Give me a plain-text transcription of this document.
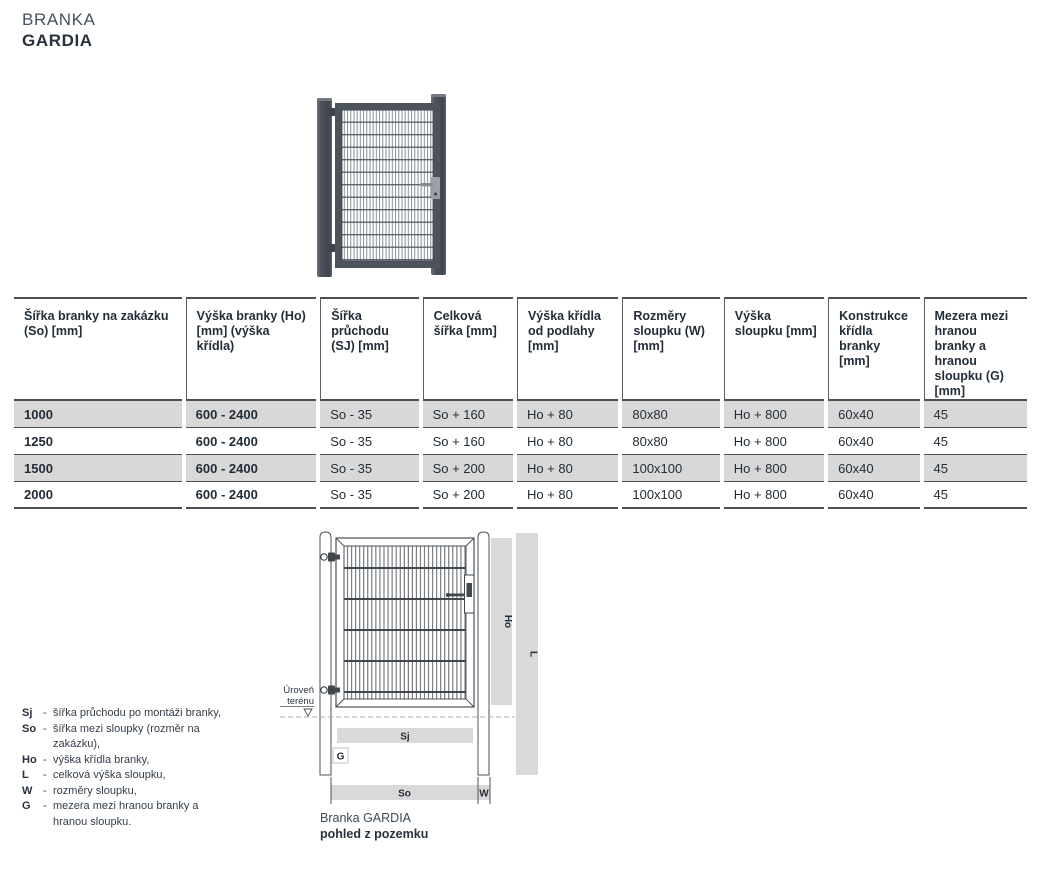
BRANKA
GARDIA
Šířka branky na zakázku (So) [mm]	Výška branky (Ho) [mm] (výška křídla)	Šířka průchodu (SJ) [mm]	Celková šířka [mm]	Výška křídla od podlahy [mm]	Rozměry sloupku (W) [mm]	Výška sloupku [mm]	Konstrukce křídla branky [mm]	Mezera mezi hranou branky a hranou sloupku (G) [mm]
1000	600 - 2400	So - 35	So + 160	Ho + 80	80x80	Ho + 800	60x40	45
1250	600 - 2400	So - 35	So + 160	Ho + 80	80x80	Ho + 800	60x40	45
1500	600 - 2400	So - 35	So + 200	Ho + 80	100x100	Ho + 800	60x40	45
2000	600 - 2400	So - 35	So + 200	Ho + 80	100x100	Ho + 800	60x40	45
Sj - šířka průchodu po montáži branky,
So - šířka mezi sloupky (rozměr na zakázku),
Ho - výška křídla branky,
L	- celková výška sloupku,
W - rozměry sloupku,
G	- mezera mezi hranou branky a hranou sloupku.
Úroveň
terénu
Sj
G
So	W
Ho
L
Branka GARDIA
pohled z pozemku
